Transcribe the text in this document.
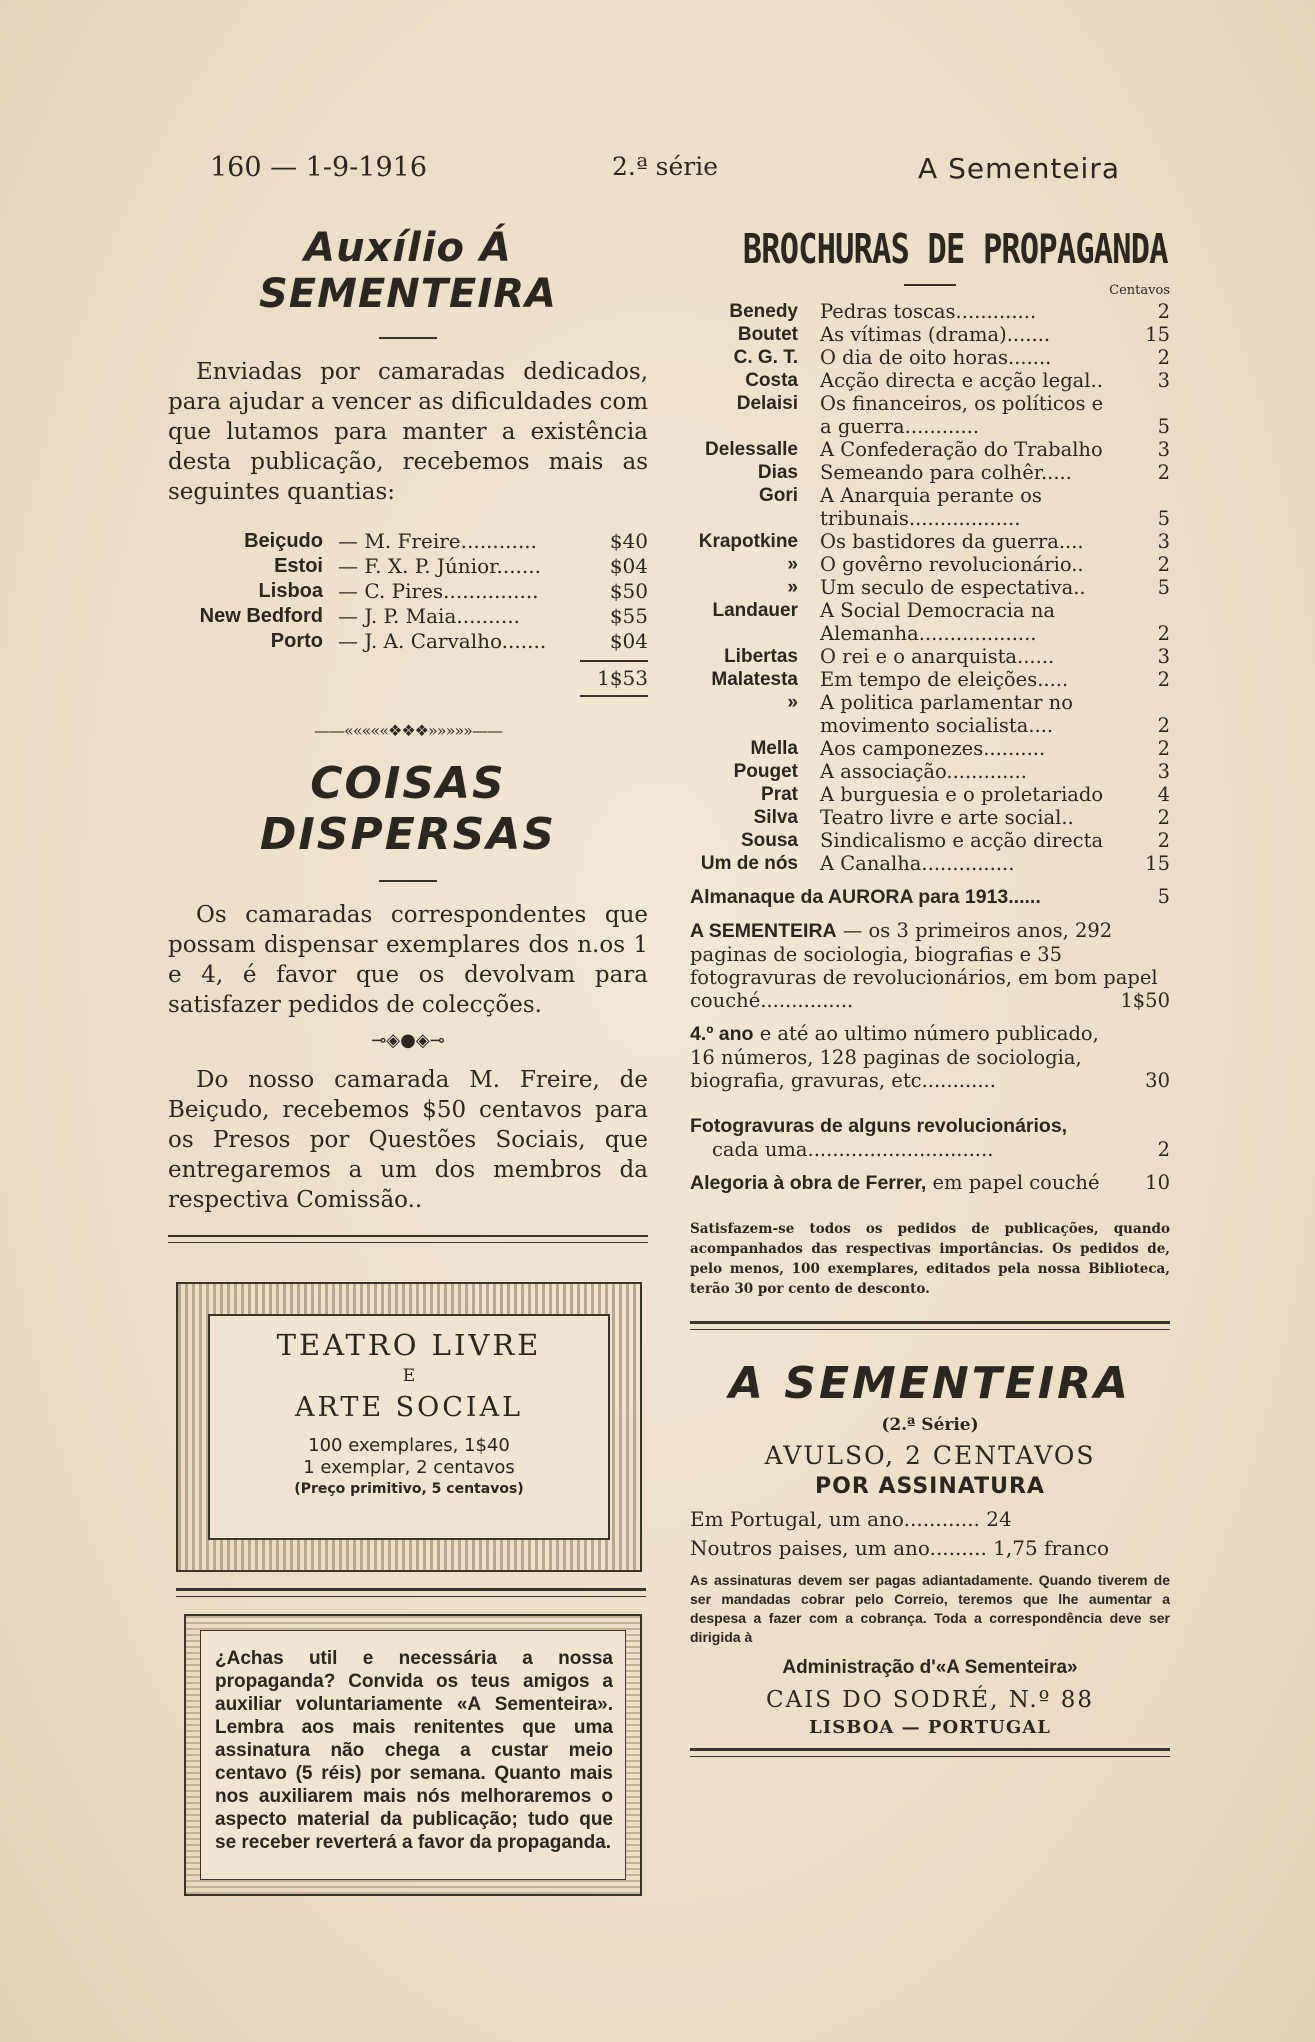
160 — 1-9-1916	2.ª série	A Sementeira
Auxílio Á SEMENTEIRA

Enviadas por camaradas dedicados, para ajudar a vencer as dificuldades com que lutamos para manter a existência desta publicação, recebemos mais as seguintes quantias:

Beiçudo — M. Freire............	$40
Estoi — F. X. P. Júnior.......	$04
Lisboa — C. Pires...............	$50
New Bedford — J. P. Maia..........	$55
Porto — J. A. Carvalho.......	$04
1$53
——«««««❖❖❖»»»»»——
COISAS DISPERSAS

Os camaradas correspondentes que possam dispensar exemplares dos n.os 1 e 4, é favor que os devolvam para satisfazer pedidos de colecções.

⊸◈●◈⊸

Do nosso camarada M. Freire, de Beiçudo, recebemos $50 centavos para os Presos por Questões Sociais, que entregaremos a um dos membros da respectiva Comissão..

TEATRO LIVRE
E
ARTE SOCIAL
100 exemplares, 1$40
1 exemplar, 2 centavos
(Preço primitivo, 5 centavos)
¿Achas util e necessária a nossa propaganda? Convida os teus amigos a auxiliar voluntariamente «A Sementeira». Lembra aos mais renitentes que uma assinatura não chega a custar meio centavo (5 réis) por semana. Quanto mais nos auxiliarem mais nós melhoraremos o aspecto material da publicação; tudo que se receber reverterá a favor da propaganda.
BROCHURAS DE PROPAGANDA
Centavos
Benedy Pedras toscas.............	2
Boutet As vítimas (drama).......	15
C. G. T. O dia de oito horas.......	2
Costa Acção directa e acção legal..	3
Delaisi Os financeiros, os políticos e a guerra............	5
Delessalle A Confederação do Trabalho	3
Dias Semeando para colhêr.....	2
Gori A Anarquia perante os tribunais..................	5
Krapotkine Os bastidores da guerra....	3
» O govêrno revolucionário..	2
» Um seculo de espectativa..	5
Landauer A Social Democracia na Alemanha...................	2
Libertas O rei e o anarquista......	3
Malatesta Em tempo de eleições.....	2
» A politica parlamentar no movimento socialista....	2
Mella Aos camponezes..........	2
Pouget A associação.............	3
Prat A burguesia e o proletariado	4
Silva Teatro livre e arte social..	2
Sousa Sindicalismo e acção directa	2
Um de nós A Canalha...............	15
Almanaque da AURORA para 1913......	5
A SEMENTEIRA — os 3 primeiros anos, 292 paginas de sociologia, biografias e 35 fotogravuras de revolucionários, em bom papel couché...............	1$50
4.º ano e até ao ultimo número publicado, 16 números, 128 paginas de sociologia, biografia, gravuras, etc............	30
Fotogravuras de alguns revolucionários,
cada uma..............................	2
Alegoria à obra de Ferrer, em papel couché	10
Satisfazem-se todos os pedidos de publicações, quando acompanhados das respectivas importâncias. Os pedidos de, pelo menos, 100 exemplares, editados pela nossa Biblioteca, terão 30 por cento de desconto.
A SEMENTEIRA
(2.ª Série)
AVULSO, 2 CENTAVOS
POR ASSINATURA
Em Portugal, um ano............ 24
Noutros paises, um ano......... 1,75 franco
As assinaturas devem ser pagas adiantadamente. Quando tiverem de ser mandadas cobrar pelo Correio, teremos que lhe aumentar a despesa a fazer com a cobrança. Toda a correspondência deve ser dirigida à
Administração d'«A Sementeira»
CAIS DO SODRÉ, N.º 88
LISBOA — PORTUGAL
